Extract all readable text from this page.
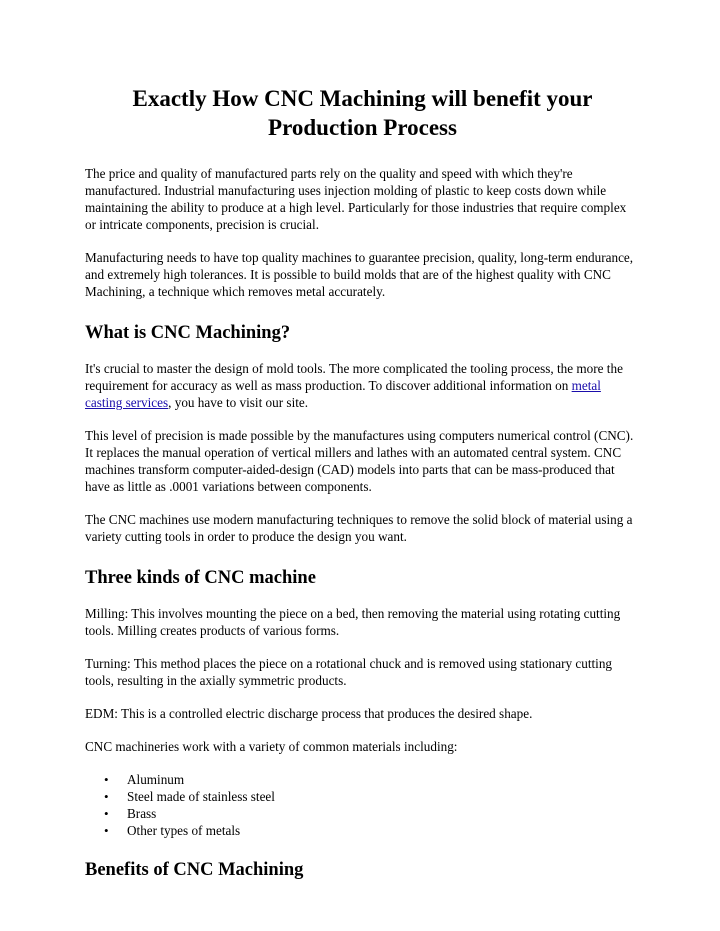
Exactly How CNC Machining will benefit your Production Process

The price and quality of manufactured parts rely on the quality and speed with which they're manufactured. Industrial manufacturing uses injection molding of plastic to keep costs down while maintaining the ability to produce at a high level. Particularly for those industries that require complex or intricate components, precision is crucial.

Manufacturing needs to have top quality machines to guarantee precision, quality, long-term endurance, and extremely high tolerances. It is possible to build molds that are of the highest quality with CNC Machining, a technique which removes metal accurately.

What is CNC Machining?

It's crucial to master the design of mold tools. The more complicated the tooling process, the more the requirement for accuracy as well as mass production. To discover additional information on metal casting services, you have to visit our site.

This level of precision is made possible by the manufactures using computers numerical control (CNC). It replaces the manual operation of vertical millers and lathes with an automated central system. CNC machines transform computer-aided-design (CAD) models into parts that can be mass-produced that have as little as .0001 variations between components.

The CNC machines use modern manufacturing techniques to remove the solid block of material using a variety cutting tools in order to produce the design you want.

Three kinds of CNC machine

Milling: This involves mounting the piece on a bed, then removing the material using rotating cutting tools. Milling creates products of various forms.

Turning: This method places the piece on a rotational chuck and is removed using stationary cutting tools, resulting in the axially symmetric products.

EDM: This is a controlled electric discharge process that produces the desired shape.

CNC machineries work with a variety of common materials including:

• Aluminum
• Steel made of stainless steel
• Brass
• Other types of metals
Benefits of CNC Machining
